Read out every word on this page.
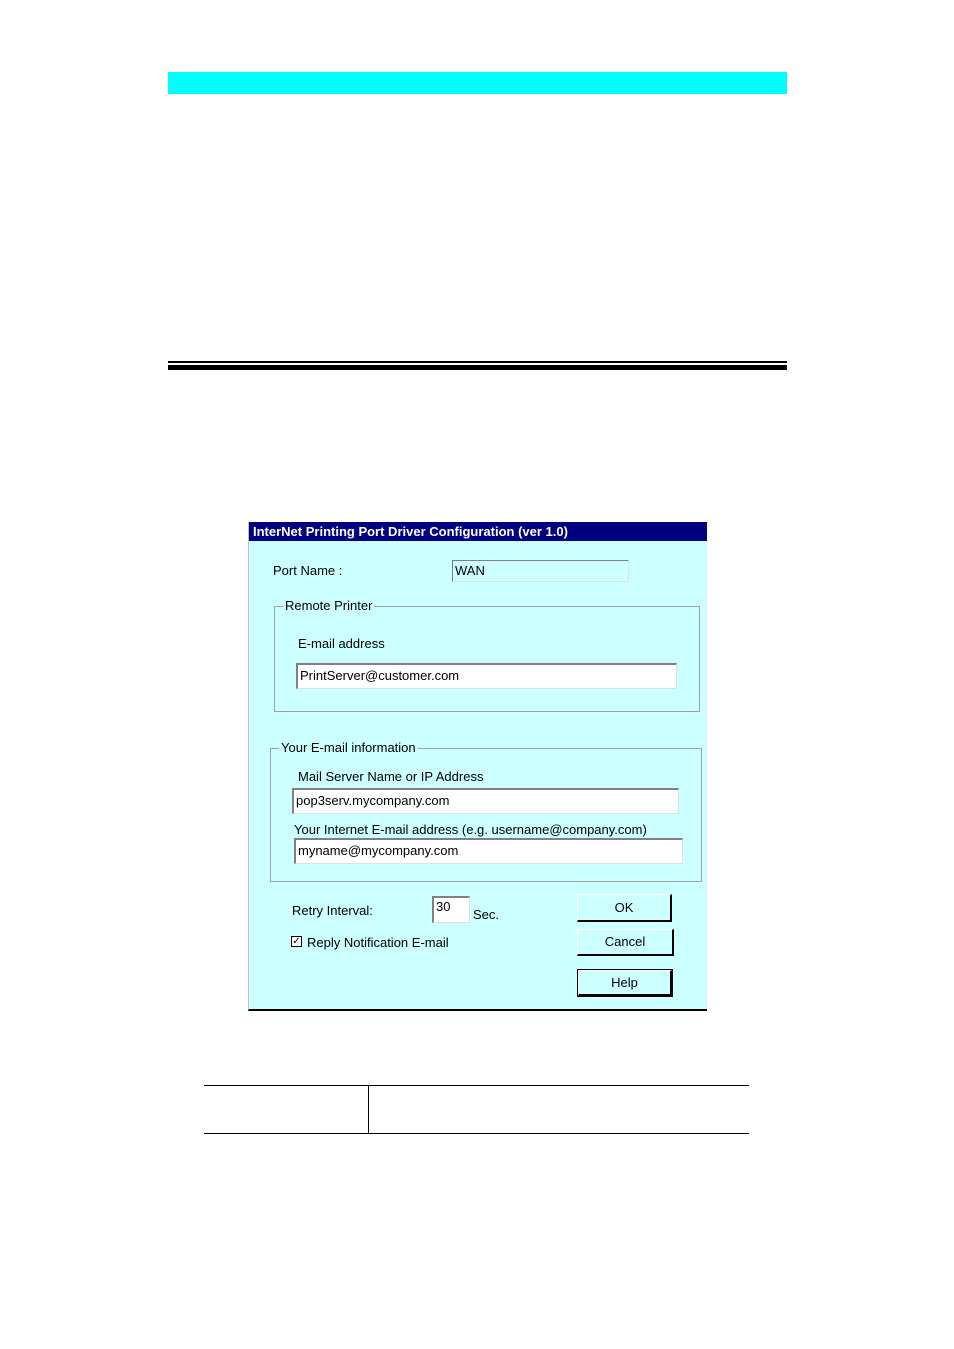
InterNet Printing Port Driver Configuration (ver 1.0)
Port Name :	WAN
Remote Printer
E-mail address
PrintServer@customer.com
Your E-mail information
Mail Server Name or IP Address
pop3serv.mycompany.com
Your Internet E-mail address (e.g. username@company.com)
myname@mycompany.com
Retry Interval:	30
Sec.
✓ Reply Notification E-mail
OK
Cancel
Help
